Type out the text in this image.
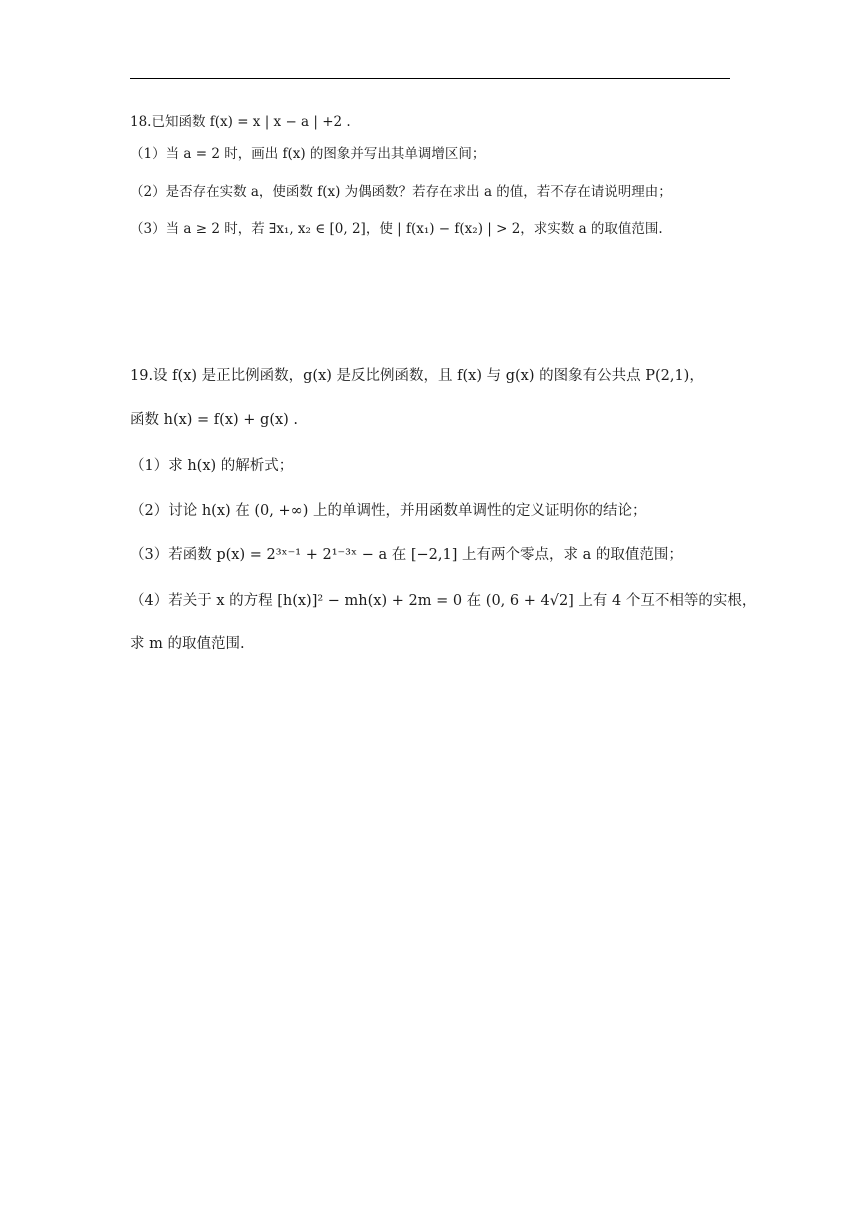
18.已知函数 f(x) = x | x − a | +2 .
（1）当 a = 2 时，画出 f(x) 的图象并写出其单调增区间；
（2）是否存在实数 a，使函数 f(x) 为偶函数？若存在求出 a 的值，若不存在请说明理由；
（3）当 a ≥ 2 时，若 ∃x₁, x₂ ∈ [0, 2]，使 | f(x₁) − f(x₂) | > 2，求实数 a 的取值范围.
19.设 f(x) 是正比例函数，g(x) 是反比例函数，且 f(x) 与 g(x) 的图象有公共点 P(2,1)，
函数 h(x) = f(x) + g(x) .
（1）求 h(x) 的解析式；
（2）讨论 h(x) 在 (0, +∞) 上的单调性，并用函数单调性的定义证明你的结论；
（3）若函数 p(x) = 2³ˣ⁻¹ + 2¹⁻³ˣ − a 在 [−2,1] 上有两个零点，求 a 的取值范围；
（4）若关于 x 的方程 [h(x)]² − mh(x) + 2m = 0 在 (0, 6 + 4√2] 上有 4 个互不相等的实根，
求 m 的取值范围.
